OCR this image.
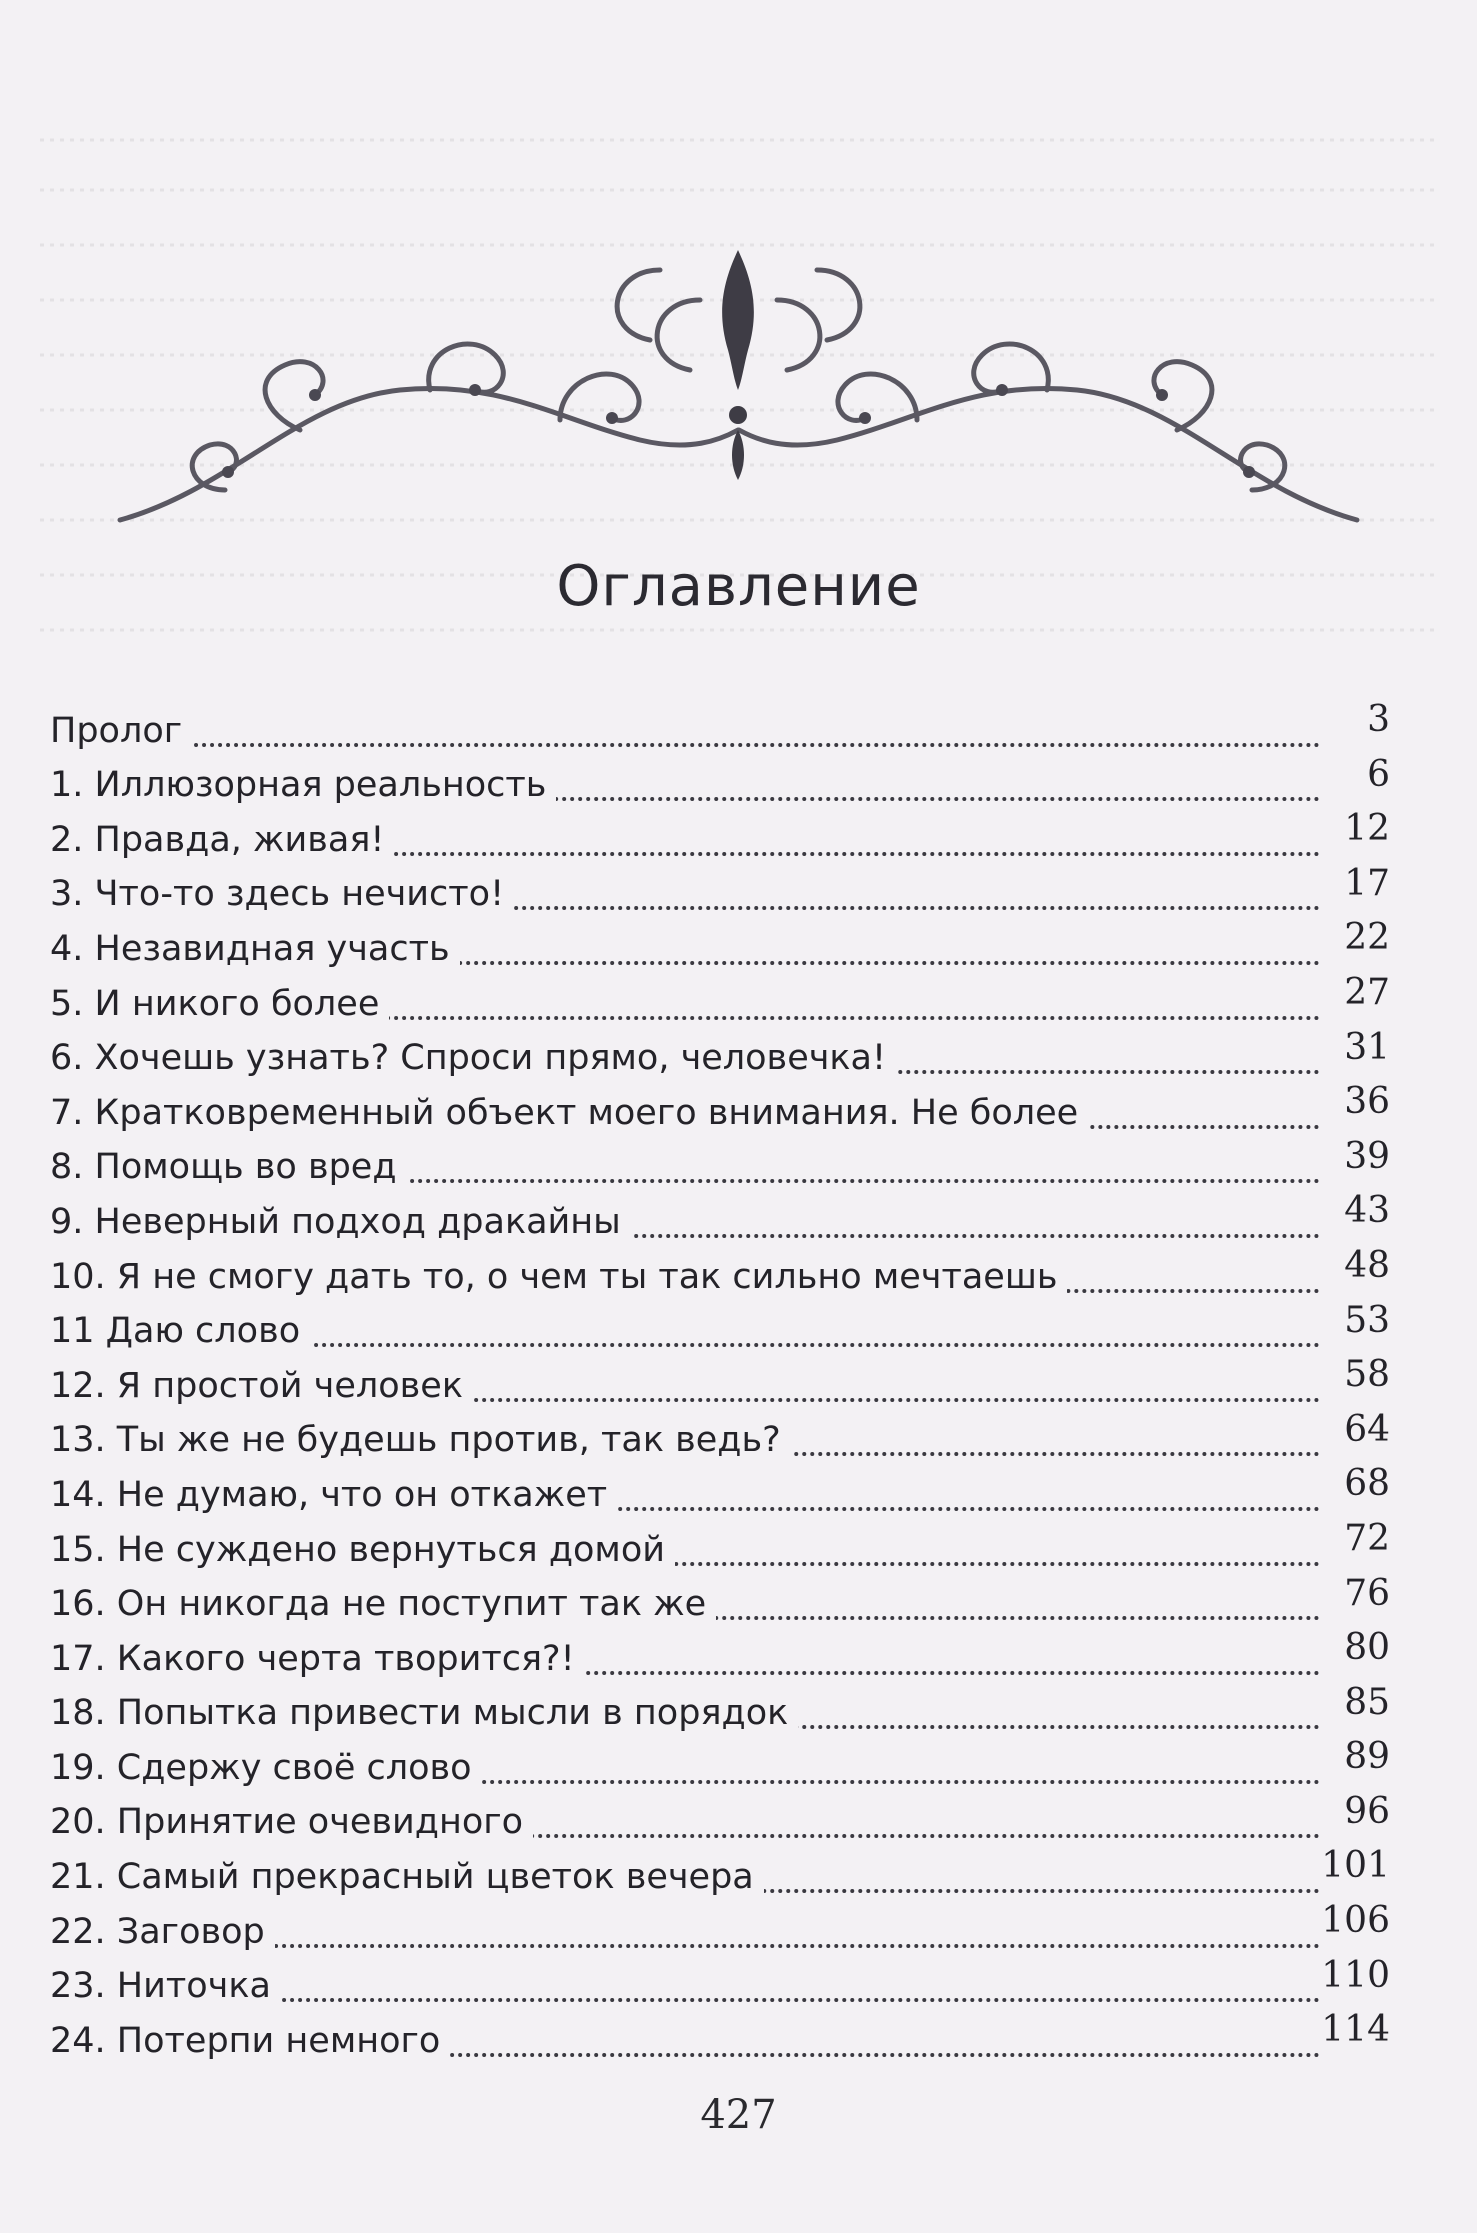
Оглавление
Пролог	3
1. Иллюзорная реальность	6
2. Правда, живая!	12
3. Что-то здесь нечисто!	17
4. Незавидная участь	22
5. И никого более	27
6. Хочешь узнать? Спроси прямо, человечка!	31
7. Кратковременный объект моего внимания. Не более	36
8. Помощь во вред	39
9. Неверный подход дракайны	43
10. Я не смогу дать то, о чем ты так сильно мечтаешь	48
11 Даю слово	53
12. Я простой человек	58
13. Ты же не будешь против, так ведь?	64
14. Не думаю, что он откажет	68
15. Не суждено вернуться домой	72
16. Он никогда не поступит так же	76
17. Какого черта творится?!	80
18. Попытка привести мысли в порядок	85
19. Сдержу своё слово	89
20. Принятие очевидного	96
21. Самый прекрасный цветок вечера	101
22. Заговор	106
23. Ниточка	110
24. Потерпи немного	114
427
